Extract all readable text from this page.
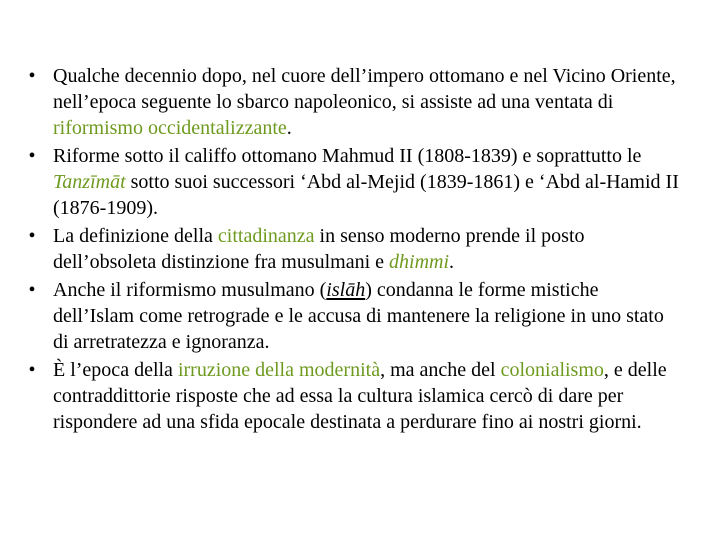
• Qualche decennio dopo, nel cuore dell’impero ottomano e nel Vicino Oriente, nell’epoca seguente lo sbarco napoleonico, si assiste ad una ventata di riformismo occidentalizzante.
• Riforme sotto il califfo ottomano Mahmud II (1808-1839) e soprattutto le Tanzīmāt sotto suoi successori ‘Abd al-Mejid (1839-1861) e ‘Abd al-Hamid II (1876-1909).
• La definizione della cittadinanza in senso moderno prende il posto dell’obsoleta distinzione fra musulmani e dhimmi.
• Anche il riformismo musulmano (islāh) condanna le forme mistiche dell’Islam come retrograde e le accusa di mantenere la religione in uno stato di arretratezza e ignoranza.
• È l’epoca della irruzione della modernità, ma anche del colonialismo, e delle contraddittorie risposte che ad essa la cultura islamica cercò di dare per rispondere ad una sfida epocale destinata a perdurare fino ai nostri giorni.
